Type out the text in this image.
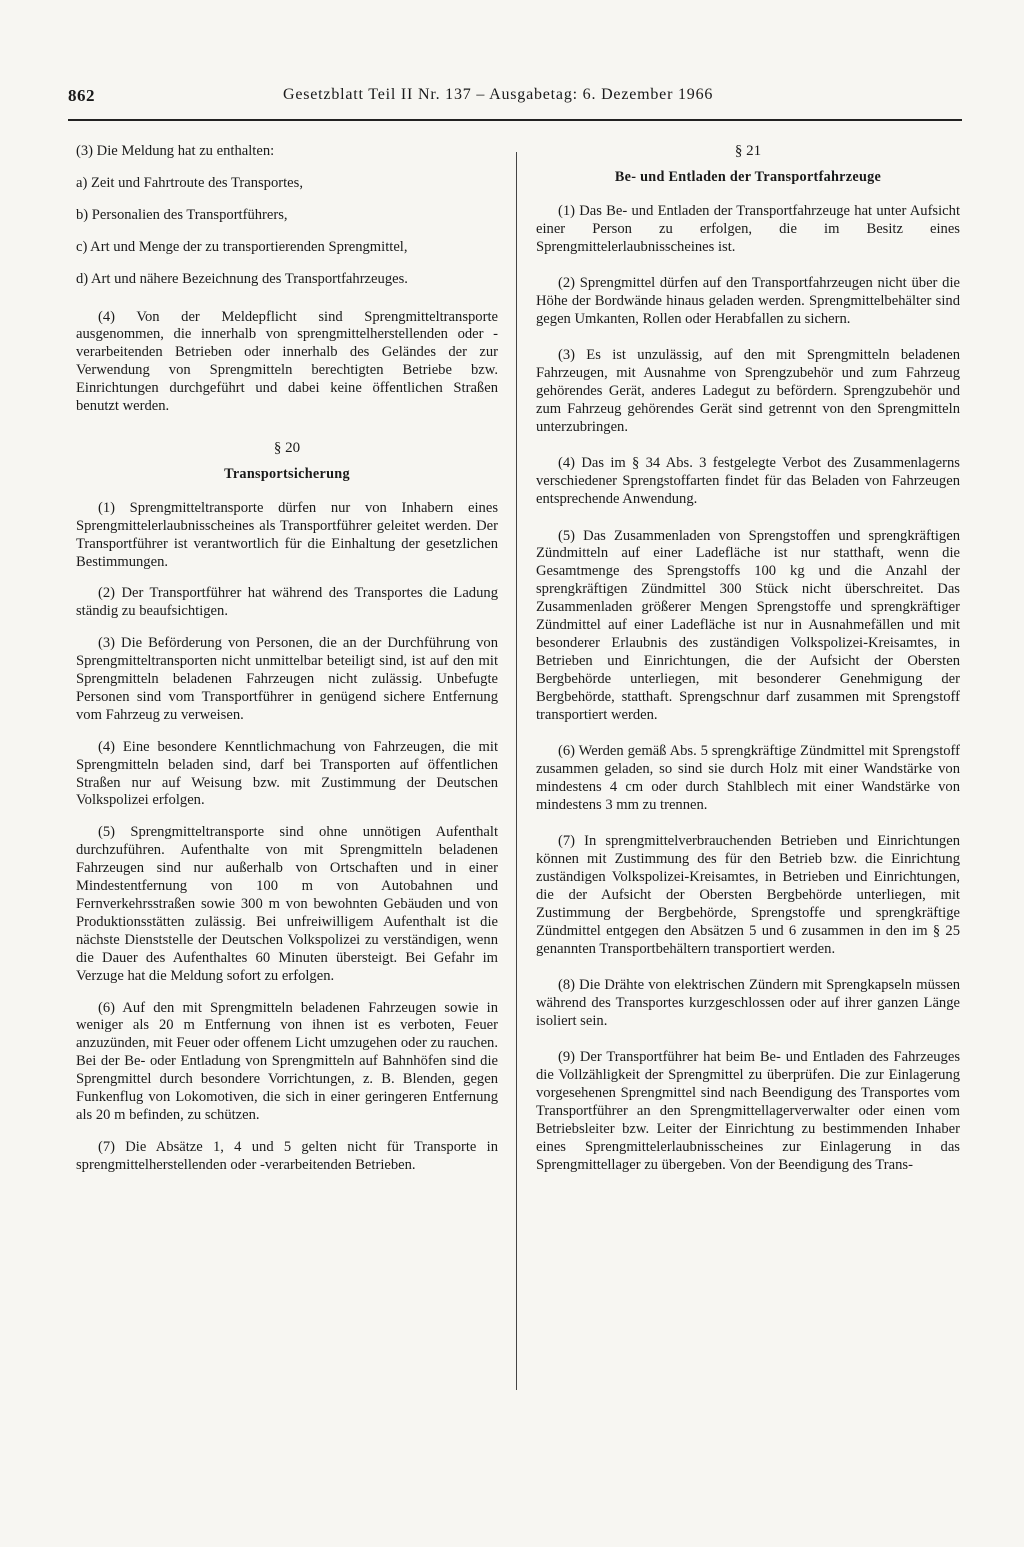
862	Gesetzblatt Teil II Nr. 137 – Ausgabetag: 6. Dezember 1966

(3) Die Meldung hat zu enthalten:

a) Zeit und Fahrtroute des Transportes,

b) Personalien des Transportführers,

c) Art und Menge der zu transportierenden Sprengmittel,

d) Art und nähere Bezeichnung des Transportfahrzeuges.

(4) Von der Meldepflicht sind Sprengmitteltransporte ausgenommen, die innerhalb von sprengmittelherstellenden oder -verarbeitenden Betrieben oder innerhalb des Geländes der zur Verwendung von Sprengmitteln berechtigten Betriebe bzw. Einrichtungen durchgeführt und dabei keine öffentlichen Straßen benutzt werden.

§ 20
Transportsicherung

(1) Sprengmitteltransporte dürfen nur von Inhabern eines Sprengmittelerlaubnisscheines als Transportführer geleitet werden. Der Transportführer ist verantwortlich für die Einhaltung der gesetzlichen Bestimmungen.

(2) Der Transportführer hat während des Transportes die Ladung ständig zu beaufsichtigen.

(3) Die Beförderung von Personen, die an der Durchführung von Sprengmitteltransporten nicht unmittelbar beteiligt sind, ist auf den mit Sprengmitteln beladenen Fahrzeugen nicht zulässig. Unbefugte Personen sind vom Transportführer in genügend sichere Entfernung vom Fahrzeug zu verweisen.

(4) Eine besondere Kenntlichmachung von Fahrzeugen, die mit Sprengmitteln beladen sind, darf bei Transporten auf öffentlichen Straßen nur auf Weisung bzw. mit Zustimmung der Deutschen Volkspolizei erfolgen.

(5) Sprengmitteltransporte sind ohne unnötigen Aufenthalt durchzuführen. Aufenthalte von mit Sprengmitteln beladenen Fahrzeugen sind nur außerhalb von Ortschaften und in einer Mindestentfernung von 100 m von Autobahnen und Fernverkehrsstraßen sowie 300 m von bewohnten Gebäuden und von Produktionsstätten zulässig. Bei unfreiwilligem Aufenthalt ist die nächste Dienststelle der Deutschen Volkspolizei zu verständigen, wenn die Dauer des Aufenthaltes 60 Minuten übersteigt. Bei Gefahr im Verzuge hat die Meldung sofort zu erfolgen.

(6) Auf den mit Sprengmitteln beladenen Fahrzeugen sowie in weniger als 20 m Entfernung von ihnen ist es verboten, Feuer anzuzünden, mit Feuer oder offenem Licht umzugehen oder zu rauchen. Bei der Be- oder Entladung von Sprengmitteln auf Bahnhöfen sind die Sprengmittel durch besondere Vorrichtungen, z. B. Blenden, gegen Funkenflug von Lokomotiven, die sich in einer geringeren Entfernung als 20 m befinden, zu schützen.

(7) Die Absätze 1, 4 und 5 gelten nicht für Transporte in sprengmittelherstellenden oder -verarbeitenden Betrieben.

§ 21
Be- und Entladen der Transportfahrzeuge

(1) Das Be- und Entladen der Transportfahrzeuge hat unter Aufsicht einer Person zu erfolgen, die im Besitz eines Sprengmittelerlaubnisscheines ist.

(2) Sprengmittel dürfen auf den Transportfahrzeugen nicht über die Höhe der Bordwände hinaus geladen werden. Sprengmittelbehälter sind gegen Umkanten, Rollen oder Herabfallen zu sichern.

(3) Es ist unzulässig, auf den mit Sprengmitteln beladenen Fahrzeugen, mit Ausnahme von Sprengzubehör und zum Fahrzeug gehörendes Gerät, anderes Ladegut zu befördern. Sprengzubehör und zum Fahrzeug gehörendes Gerät sind getrennt von den Sprengmitteln unterzubringen.

(4) Das im § 34 Abs. 3 festgelegte Verbot des Zusammenlagerns verschiedener Sprengstoffarten findet für das Beladen von Fahrzeugen entsprechende Anwendung.

(5) Das Zusammenladen von Sprengstoffen und sprengkräftigen Zündmitteln auf einer Ladefläche ist nur statthaft, wenn die Gesamtmenge des Sprengstoffs 100 kg und die Anzahl der sprengkräftigen Zündmittel 300 Stück nicht überschreitet. Das Zusammenladen größerer Mengen Sprengstoffe und sprengkräftiger Zündmittel auf einer Ladefläche ist nur in Ausnahmefällen und mit besonderer Erlaubnis des zuständigen Volkspolizei-Kreisamtes, in Betrieben und Einrichtungen, die der Aufsicht der Obersten Bergbehörde unterliegen, mit besonderer Genehmigung der Bergbehörde, statthaft. Sprengschnur darf zusammen mit Sprengstoff transportiert werden.

(6) Werden gemäß Abs. 5 sprengkräftige Zündmittel mit Sprengstoff zusammen geladen, so sind sie durch Holz mit einer Wandstärke von mindestens 4 cm oder durch Stahlblech mit einer Wandstärke von mindestens 3 mm zu trennen.

(7) In sprengmittelverbrauchenden Betrieben und Einrichtungen können mit Zustimmung des für den Betrieb bzw. die Einrichtung zuständigen Volkspolizei-Kreisamtes, in Betrieben und Einrichtungen, die der Aufsicht der Obersten Bergbehörde unterliegen, mit Zustimmung der Bergbehörde, Sprengstoffe und sprengkräftige Zündmittel entgegen den Absätzen 5 und 6 zusammen in den im § 25 genannten Transportbehältern transportiert werden.

(8) Die Drähte von elektrischen Zündern mit Sprengkapseln müssen während des Transportes kurzgeschlossen oder auf ihrer ganzen Länge isoliert sein.

(9) Der Transportführer hat beim Be- und Entladen des Fahrzeuges die Vollzähligkeit der Sprengmittel zu überprüfen. Die zur Einlagerung vorgesehenen Sprengmittel sind nach Beendigung des Transportes vom Transportführer an den Sprengmittellagerverwalter oder einen vom Betriebsleiter bzw. Leiter der Einrichtung zu bestimmenden Inhaber eines Sprengmittelerlaubnisscheines zur Einlagerung in das Sprengmittellager zu übergeben. Von der Beendigung des Trans-
